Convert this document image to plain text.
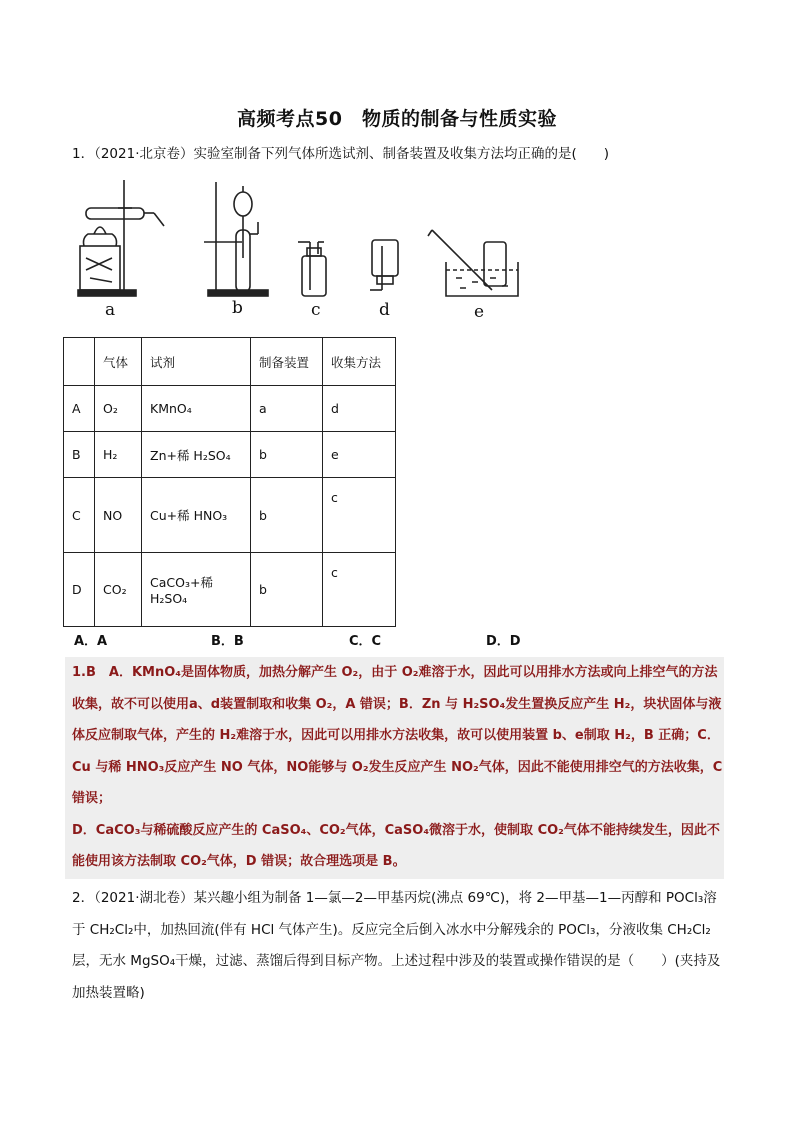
高频考点50　物质的制备与性质实验
1．（2021·北京卷）实验室制备下列气体所选试剂、制备装置及收集方法均正确的是(　　)
a	b	c	d	e
	气体	试剂	制备装置	收集方法
A	O₂	KMnO₄	a	d
B	H₂	Zn+稀 H₂SO₄	b	e
C	NO	Cu+稀 HNO₃	b	c
D	CO₂	CaCO₃+稀 H₂SO₄	b	c
A．A	B．B	C．C	D．D

1.B　A．KMnO₄是固体物质，加热分解产生 O₂，由于 O₂难溶于水，因此可以用排水方法或向上排空气的方法收集，故不可以使用a、d装置制取和收集 O₂，A 错误；B．Zn 与 H₂SO₄发生置换反应产生 H₂，块状固体与液体反应制取气体，产生的 H₂难溶于水，因此可以用排水方法收集，故可以使用装置 b、e制取 H₂，B 正确；C．Cu 与稀 HNO₃反应产生 NO 气体，NO能够与 O₂发生反应产生 NO₂气体，因此不能使用排空气的方法收集，C 错误；

D．CaCO₃与稀硫酸反应产生的 CaSO₄、CO₂气体，CaSO₄微溶于水，使制取 CO₂气体不能持续发生，因此不能使用该方法制取 CO₂气体，D 错误；故合理选项是 B。

2．（2021·湖北卷）某兴趣小组为制备 1—氯—2—甲基丙烷(沸点 69℃)，将 2—甲基—1—丙醇和 POCl₃溶于 CH₂Cl₂中，加热回流(伴有 HCl 气体产生)。反应完全后倒入冰水中分解残余的 POCl₃，分液收集 CH₂Cl₂层，无水 MgSO₄干燥，过滤、蒸馏后得到目标产物。上述过程中涉及的装置或操作错误的是（　　）(夹持及加热装置略)
